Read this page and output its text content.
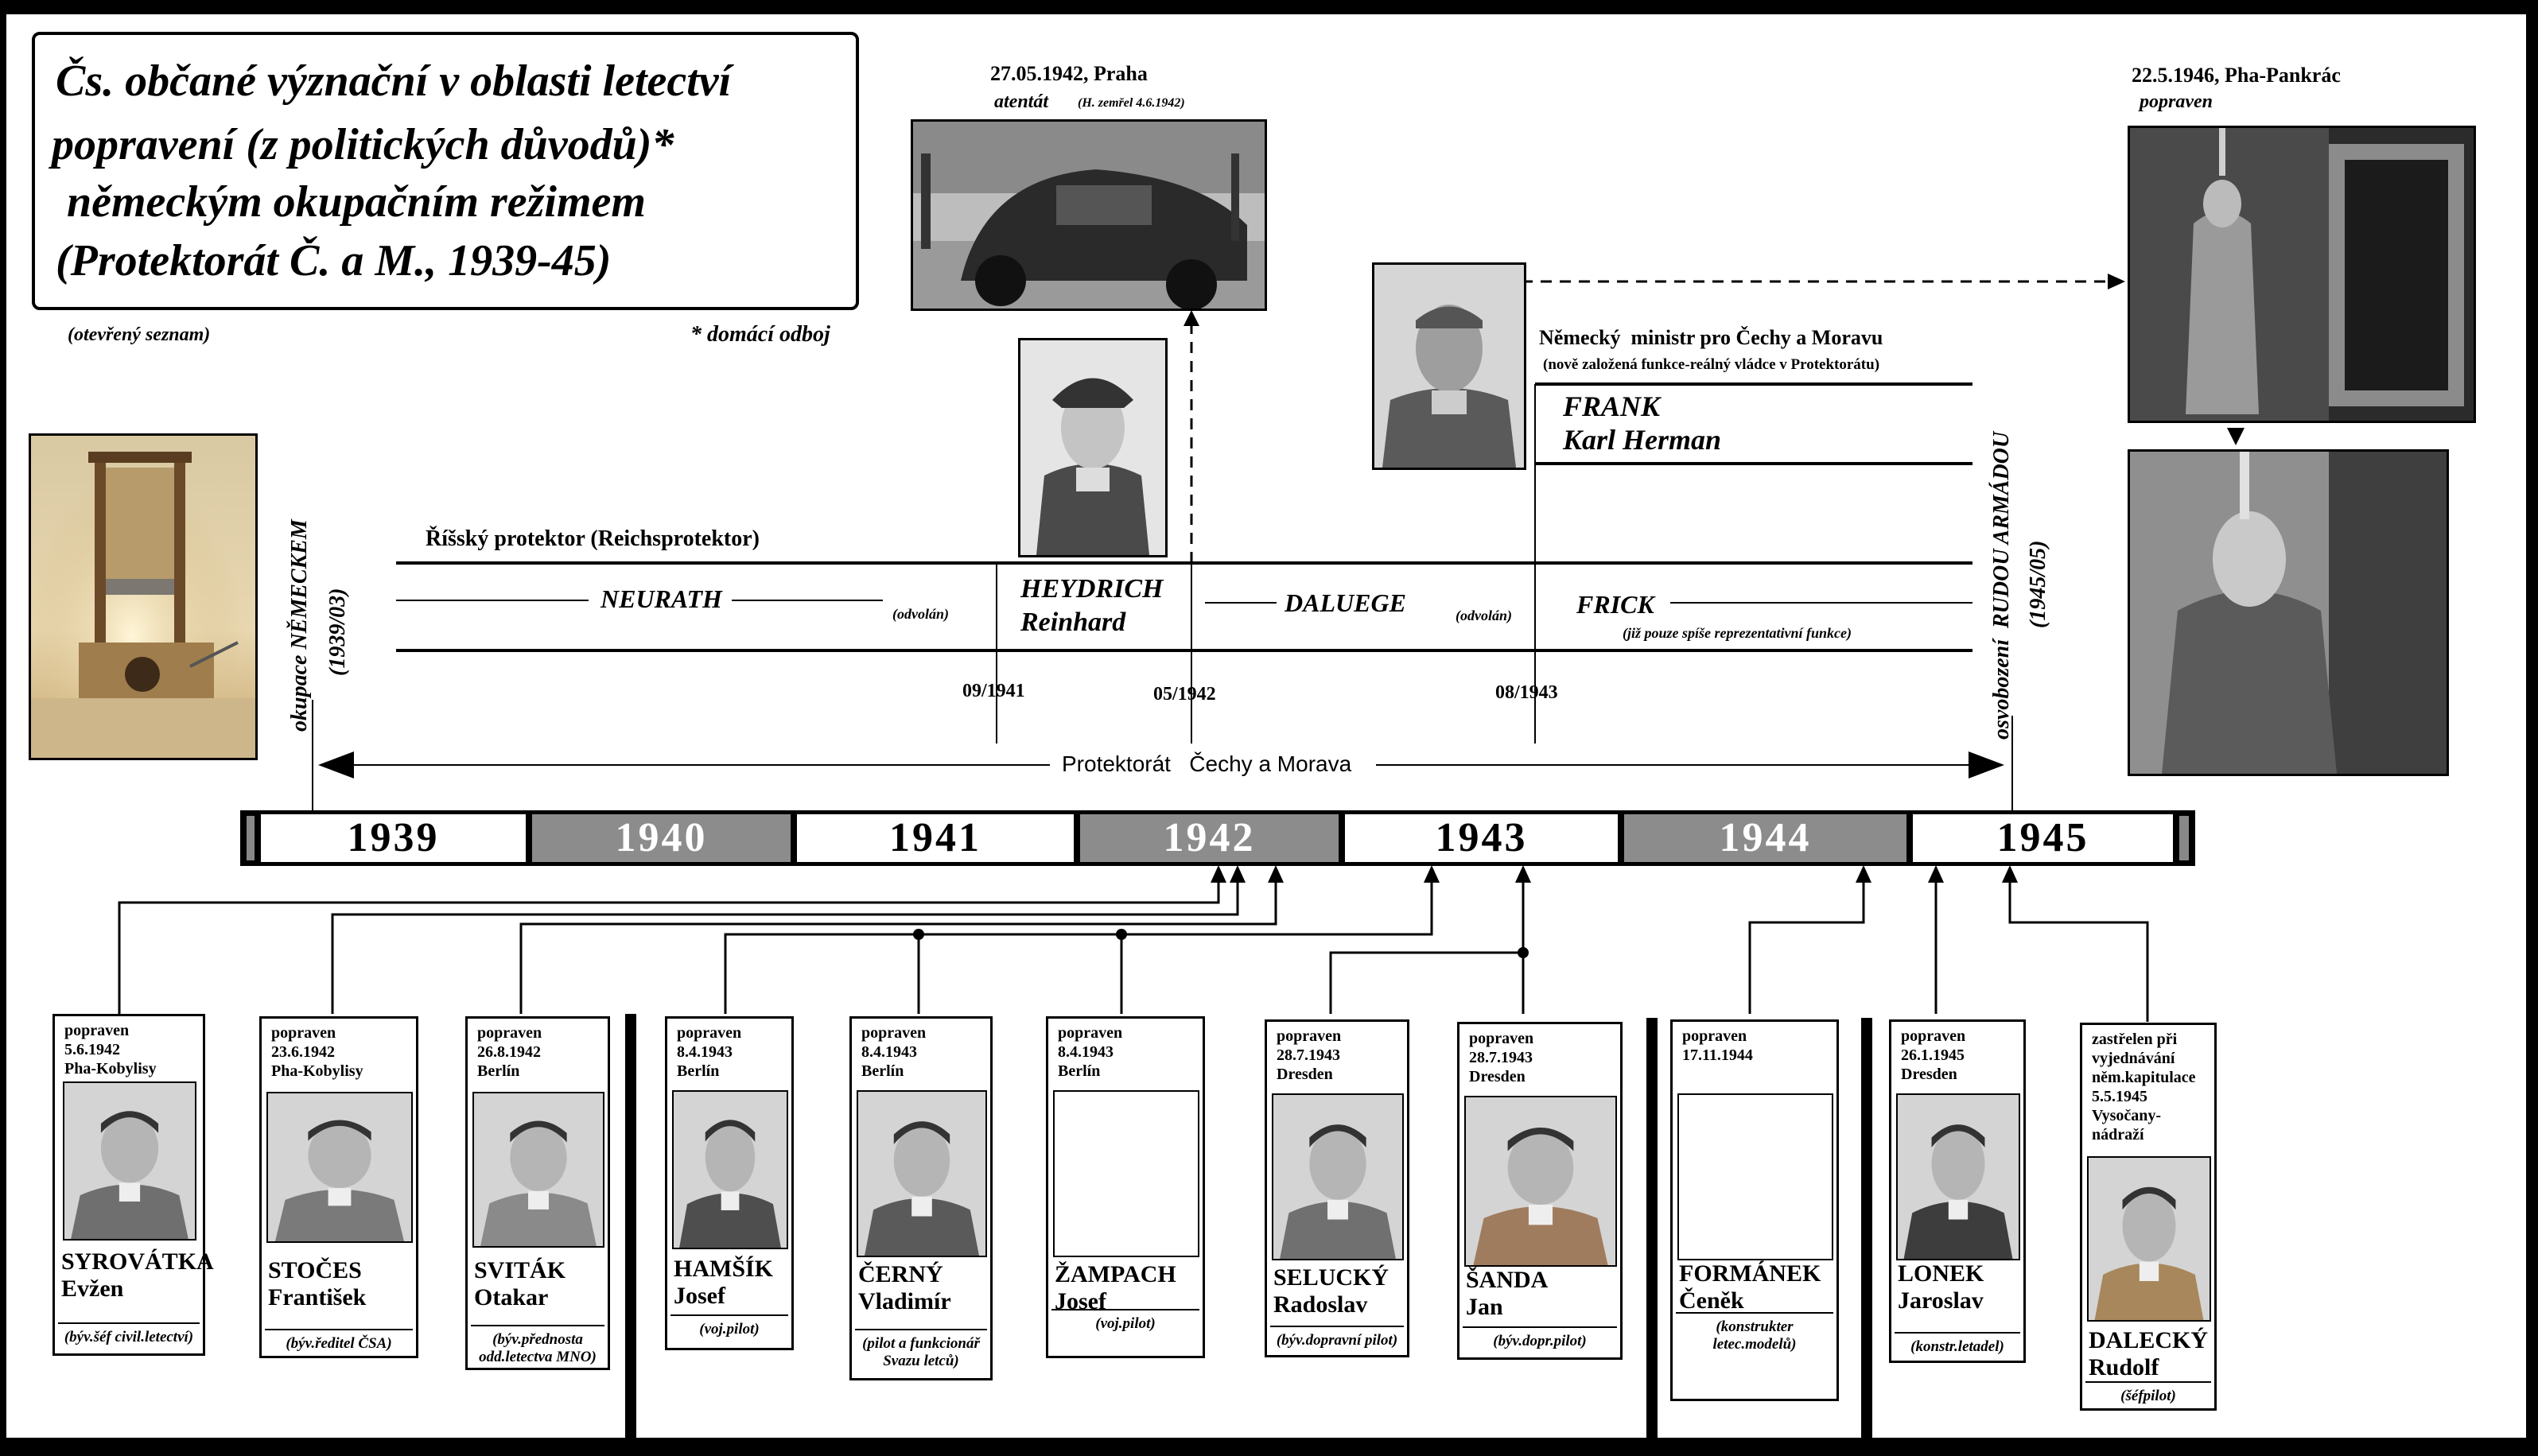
Čs. občané význační v oblasti letectví
popravení (z politických důvodů)*
německým okupačním režimem
(Protektorát Č. a M., 1939-45)
(otevřený seznam)	* domácí odboj
27.05.1942, Praha
atentát (H. zemřel 4.6.1942)
22.5.1946, Pha-Pankrác
popraven
Německý  ministr pro Čechy a Moravu
(nově založená funkce-reálný vládce v Protektorátu)
FRANK
Karl Herman
Říšský protektor (Reichsprotektor)
NEURATH
(odvolán)
HEYDRICH
Reinhard
DALUEGE	(odvolán)	FRICK
(již pouze spíše reprezentativní funkce)
09/1941	05/1942	08/1943
okupace NĚMECKEM (1939/03)	osvobození  RUDOU ARMÁDOU (1945/05)
Protektorát Čechy a Morava
1939	1940	1941	1942	1943	1944	1945
popraven
5.6.1942
Pha-Kobylisy
SYROVÁTKA
Evžen
(býv.šéf civil.letectví)
popraven
23.6.1942
Pha-Kobylisy
STOČES
František
(býv.ředitel ČSA)
popraven
26.8.1942
Berlín
SVITÁK
Otakar
(býv.přednosta odd.letectva MNO)
popraven
8.4.1943
Berlín
HAMŠÍK
Josef
(voj.pilot)
popraven
8.4.1943
Berlín
ČERNÝ
Vladimír
(pilot a funkcionář Svazu letců)
popraven
8.4.1943
Berlín
ŽAMPACH
Josef
(voj.pilot)
popraven
28.7.1943
Dresden
SELUCKÝ
Radoslav
(býv.dopravní pilot)
popraven
28.7.1943
Dresden
ŠANDA
Jan
(býv.dopr.pilot)
popraven
17.11.1944
FORMÁNEK
Čeněk
(konstrukter letec.modelů)
popraven
26.1.1945
Dresden
LONEK
Jaroslav
(konstr.letadel)
zastřelen při
vyjednávání
něm.kapitulace
5.5.1945
Vysočany-
nádraží
DALECKÝ
Rudolf
(šéfpilot)
